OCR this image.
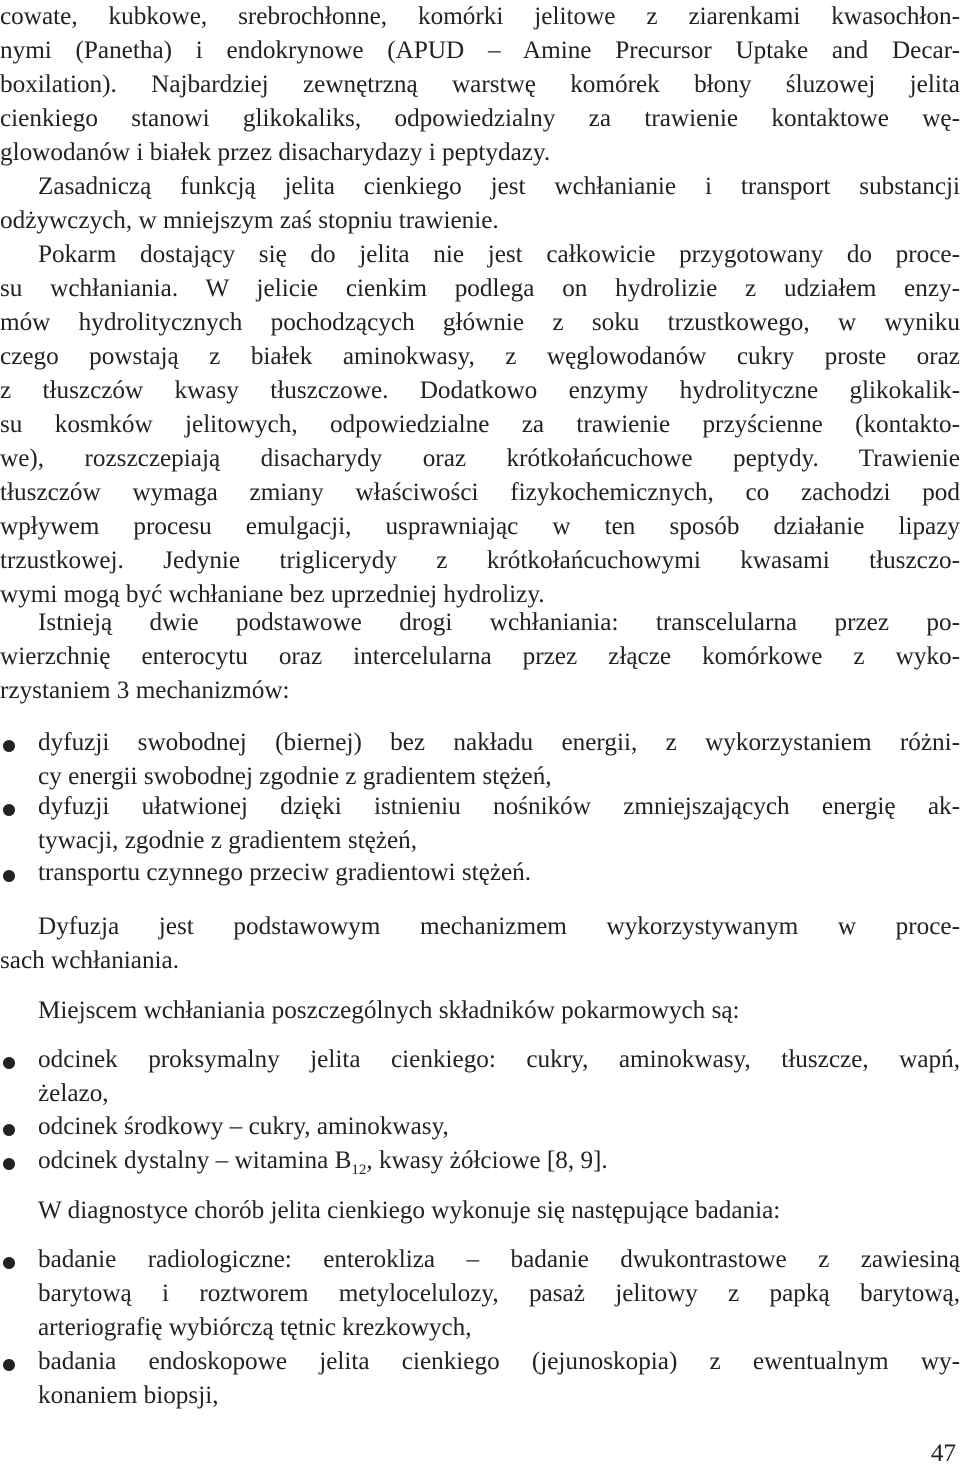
cowate, kubkowe, srebrochłonne, komórki jelitowe z ziarenkami kwasochłon-
nymi (Panetha) i endokrynowe (APUD – Amine Precursor Uptake and Decar-
boxilation). Najbardziej zewnętrzną warstwę komórek błony śluzowej jelita
cienkiego stanowi glikokaliks, odpowiedzialny za trawienie kontaktowe wę-
glowodanów i białek przez disacharydazy i peptydazy.
Zasadniczą funkcją jelita cienkiego jest wchłanianie i transport substancji
odżywczych, w mniejszym zaś stopniu trawienie.
Pokarm dostający się do jelita nie jest całkowicie przygotowany do proce-
su wchłaniania. W jelicie cienkim podlega on hydrolizie z udziałem enzy-
mów hydrolitycznych pochodzących głównie z soku trzustkowego, w wyniku
czego powstają z białek aminokwasy, z węglowodanów cukry proste oraz
z tłuszczów kwasy tłuszczowe. Dodatkowo enzymy hydrolityczne glikokalik-
su kosmków jelitowych, odpowiedzialne za trawienie przyścienne (kontakto-
we), rozszczepiają disacharydy oraz krótkołańcuchowe peptydy. Trawienie
tłuszczów wymaga zmiany właściwości fizykochemicznych, co zachodzi pod
wpływem procesu emulgacji, usprawniając w ten sposób działanie lipazy
trzustkowej. Jedynie triglicerydy z krótkołańcuchowymi kwasami tłuszczo-
wymi mogą być wchłaniane bez uprzedniej hydrolizy.
Istnieją dwie podstawowe drogi wchłaniania: transcelularna przez po-
wierzchnię enterocytu oraz intercelularna przez złącze komórkowe z wyko-
rzystaniem 3 mechanizmów:
dyfuzji swobodnej (biernej) bez nakładu energii, z wykorzystaniem różni-
cy energii swobodnej zgodnie z gradientem stężeń,
dyfuzji ułatwionej dzięki istnieniu nośników zmniejszających energię ak-
tywacji, zgodnie z gradientem stężeń,
transportu czynnego przeciw gradientowi stężeń.
Dyfuzja jest podstawowym mechanizmem wykorzystywanym w proce-
sach wchłaniania.
Miejscem wchłaniania poszczególnych składników pokarmowych są:
odcinek proksymalny jelita cienkiego: cukry, aminokwasy, tłuszcze, wapń,
żelazo,
odcinek środkowy – cukry, aminokwasy,
odcinek dystalny – witamina $B_{12}$, kwasy żółciowe [8, 9].
W diagnostyce chorób jelita cienkiego wykonuje się następujące badania:
badanie radiologiczne: enterokliza – badanie dwukontrastowe z zawiesiną
barytową i roztworem metylocelulozy, pasaż jelitowy z papką barytową,
arteriografię wybiórczą tętnic krezkowych,
badania endoskopowe jelita cienkiego (jejunoskopia) z ewentualnym wy-
konaniem biopsji,
47
